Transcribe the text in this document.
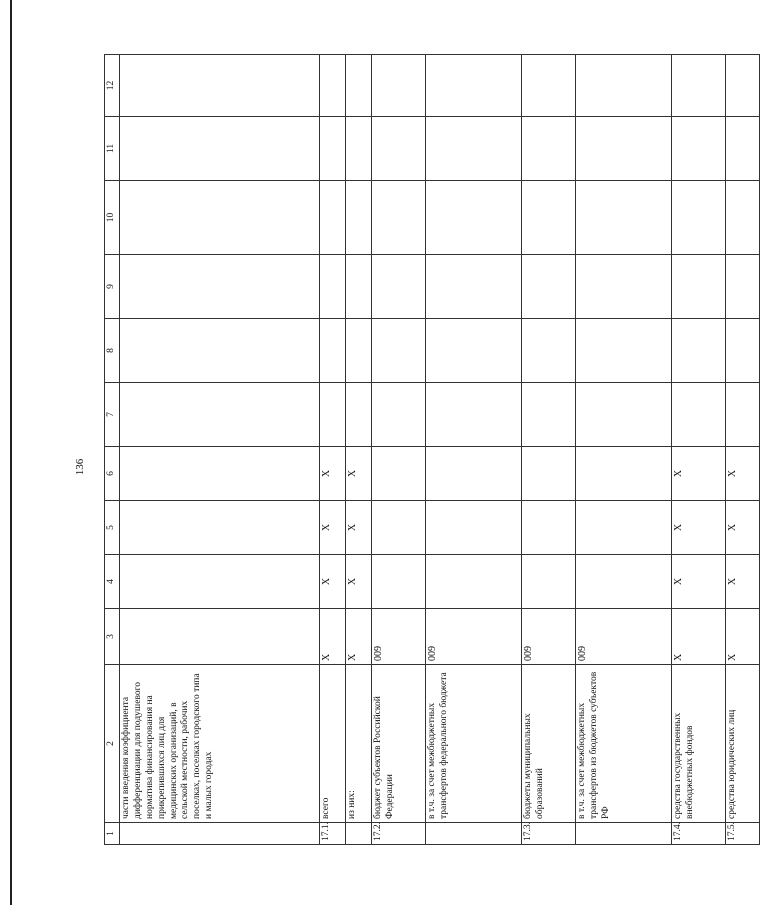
136
1	2	3	4	5	6	7	8	9	10	11	12
	части введения коэффициента дифференциации для подушевого норматива финансирования на прикрепившихся лиц для медицинских организаций, в сельской местности, рабочих поселках, поселках городского типа и малых городах										
17.1.	всего	X	X	X	X						
	из них:	X	X	X	X						
17.2.	бюджет субъектов Российской Федерации	009									
	в т.ч. за счет межбюджетных трансфертов федерального бюджета	009									
17.3.	бюджеты муниципальных образований	009									
	в т.ч. за счет межбюджетных трансфертов из бюджетов субъектов РФ	009									
17.4.	средства государственных внебюджетных фондов	X	X	X	X						
17.5.	средства юридических лиц	X	X	X	X						
